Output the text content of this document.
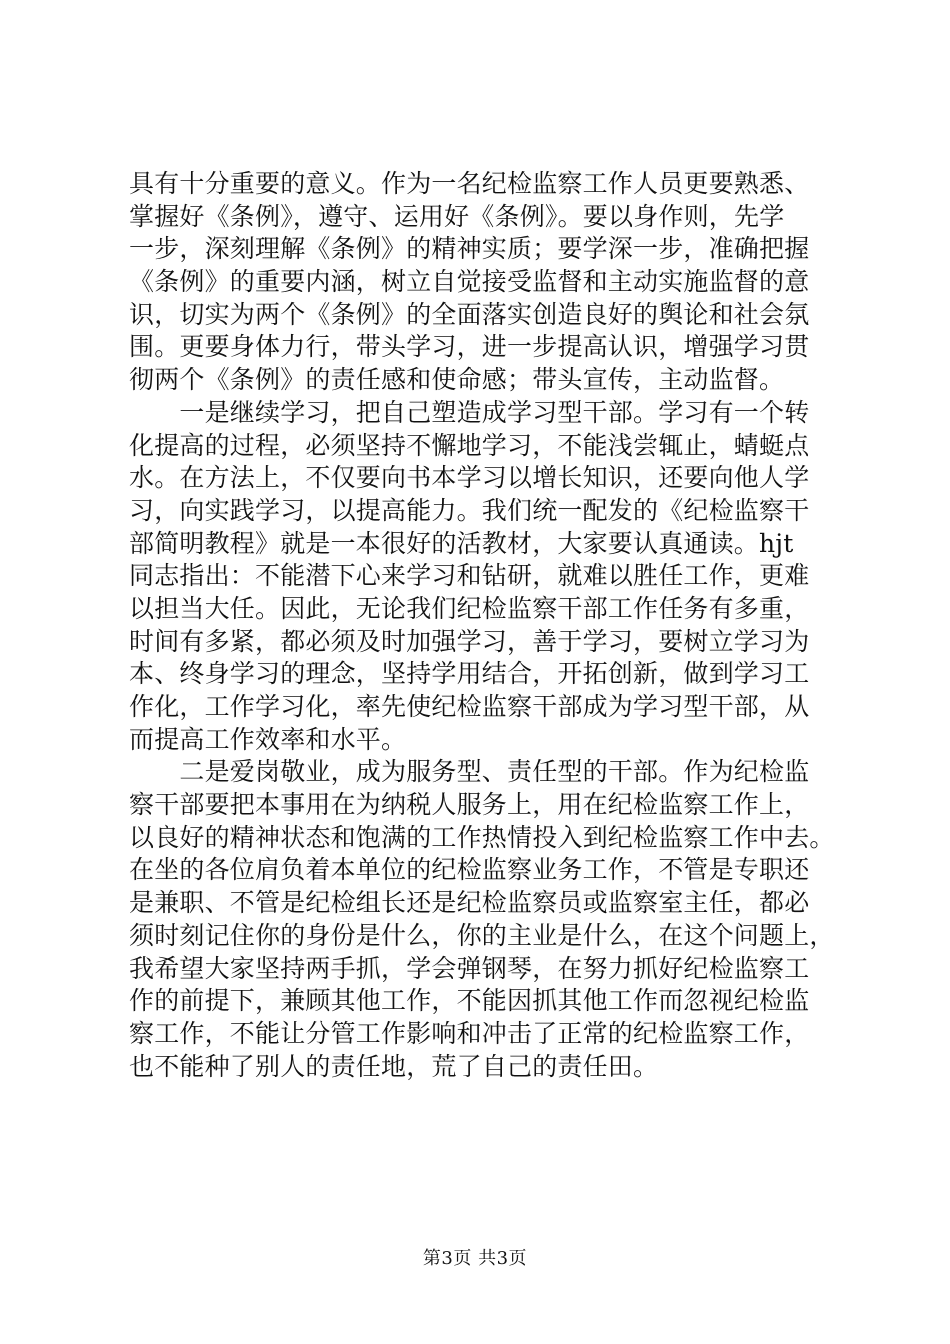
具有十分重要的意义。作为一名纪检监察工作人员更要熟悉、
掌握好《条例》，遵守、运用好《条例》。要以身作则，先学
一步，深刻理解《条例》的精神实质；要学深一步，准确把握
《条例》的重要内涵，树立自觉接受监督和主动实施监督的意
识，切实为两个《条例》的全面落实创造良好的舆论和社会氛
围。更要身体力行，带头学习，进一步提高认识，增强学习贯
彻两个《条例》的责任感和使命感；带头宣传，主动监督。
　　一是继续学习，把自己塑造成学习型干部。学习有一个转
化提高的过程，必须坚持不懈地学习，不能浅尝辄止，蜻蜓点
水。在方法上，不仅要向书本学习以增长知识，还要向他人学
习，向实践学习，以提高能力。我们统一配发的《纪检监察干
部简明教程》就是一本很好的活教材，大家要认真通读。hjt
同志指出：不能潜下心来学习和钻研，就难以胜任工作，更难
以担当大任。因此，无论我们纪检监察干部工作任务有多重，
时间有多紧，都必须及时加强学习，善于学习，要树立学习为
本、终身学习的理念，坚持学用结合，开拓创新，做到学习工
作化，工作学习化，率先使纪检监察干部成为学习型干部，从
而提高工作效率和水平。
　　二是爱岗敬业，成为服务型、责任型的干部。作为纪检监
察干部要把本事用在为纳税人服务上，用在纪检监察工作上，
以良好的精神状态和饱满的工作热情投入到纪检监察工作中去。
在坐的各位肩负着本单位的纪检监察业务工作，不管是专职还
是兼职、不管是纪检组长还是纪检监察员或监察室主任，都必
须时刻记住你的身份是什么，你的主业是什么，在这个问题上，
我希望大家坚持两手抓，学会弹钢琴，在努力抓好纪检监察工
作的前提下，兼顾其他工作，不能因抓其他工作而忽视纪检监
察工作，不能让分管工作影响和冲击了正常的纪检监察工作，
也不能种了别人的责任地，荒了自己的责任田。
第3页 共3页
